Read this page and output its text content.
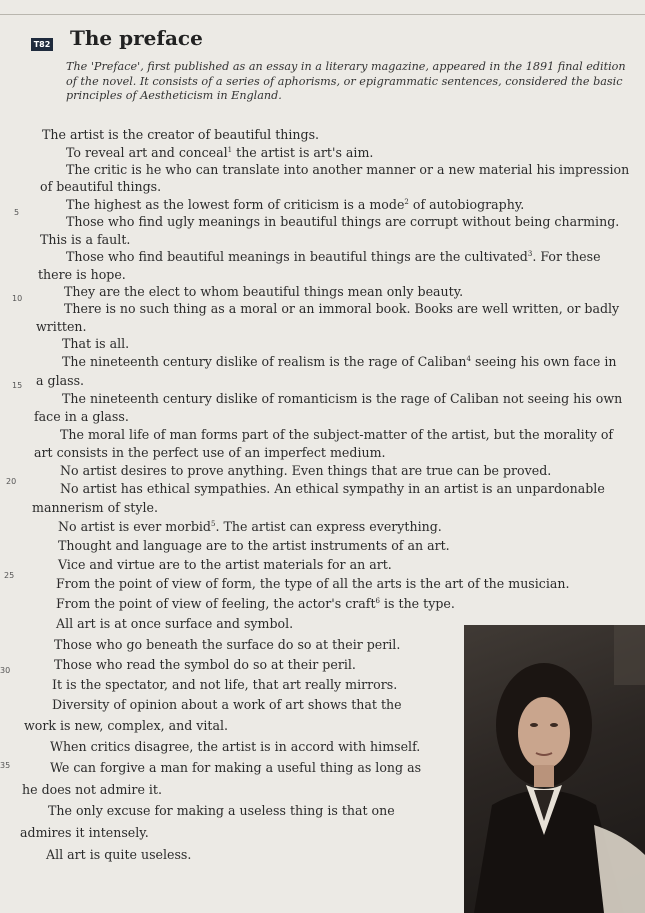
T82 The preface
The 'Preface', first published as an essay in a literary magazine, appeared in the 1891 final edition of the novel. It consists of a series of aphorisms, or epigrammatic sentences, considered the basic principles of Aestheticism in England.
5
10
15
20
25
30
35
The artist is the creator of beautiful things.
To reveal art and conceal$^1$ the artist is art's aim.
The critic is he who can translate into another manner or a new material his impression
of beautiful things.
The highest as the lowest form of criticism is a mode$^2$ of autobiography.
Those who find ugly meanings in beautiful things are corrupt without being charming.
This is a fault.
Those who find beautiful meanings in beautiful things are the cultivated$^3$. For these
there is hope.
They are the elect to whom beautiful things mean only beauty.
There is no such thing as a moral or an immoral book. Books are well written, or badly
written.
That is all.
The nineteenth century dislike of realism is the rage of Caliban$^4$ seeing his own face in
a glass.
The nineteenth century dislike of romanticism is the rage of Caliban not seeing his own
face in a glass.
The moral life of man forms part of the subject-matter of the artist, but the morality of
art consists in the perfect use of an imperfect medium.
No artist desires to prove anything. Even things that are true can be proved.
No artist has ethical sympathies. An ethical sympathy in an artist is an unpardonable
mannerism of style.
No artist is ever morbid$^5$. The artist can express everything.
Thought and language are to the artist instruments of an art.
Vice and virtue are to the artist materials for an art.
From the point of view of form, the type of all the arts is the art of the musician.
From the point of view of feeling, the actor's craft$^6$ is the type.
All art is at once surface and symbol.
Those who go beneath the surface do so at their peril.
Those who read the symbol do so at their peril.
It is the spectator, and not life, that art really mirrors.
Diversity of opinion about a work of art shows that the
work is new, complex, and vital.
When critics disagree, the artist is in accord with himself.
We can forgive a man for making a useful thing as long as
he does not admire it.
The only excuse for making a useless thing is that one
admires it intensely.
All art is quite useless.
